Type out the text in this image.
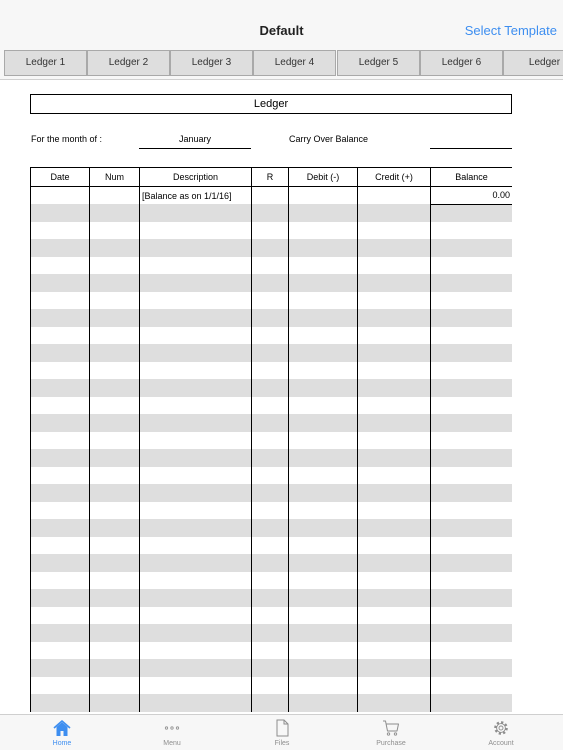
Default	Select Template
Ledger 1	Ledger 2	Ledger 3	Ledger 4	Ledger 5	Ledger 6	Ledger
Ledger
For the month of :	January	Carry Over Balance
Date	Num	Description	R	Debit (-)	Credit (+)	Balance
		[Balance as on 1/1/16]				0.00

Home	Menu	Files	Purchase	Account
